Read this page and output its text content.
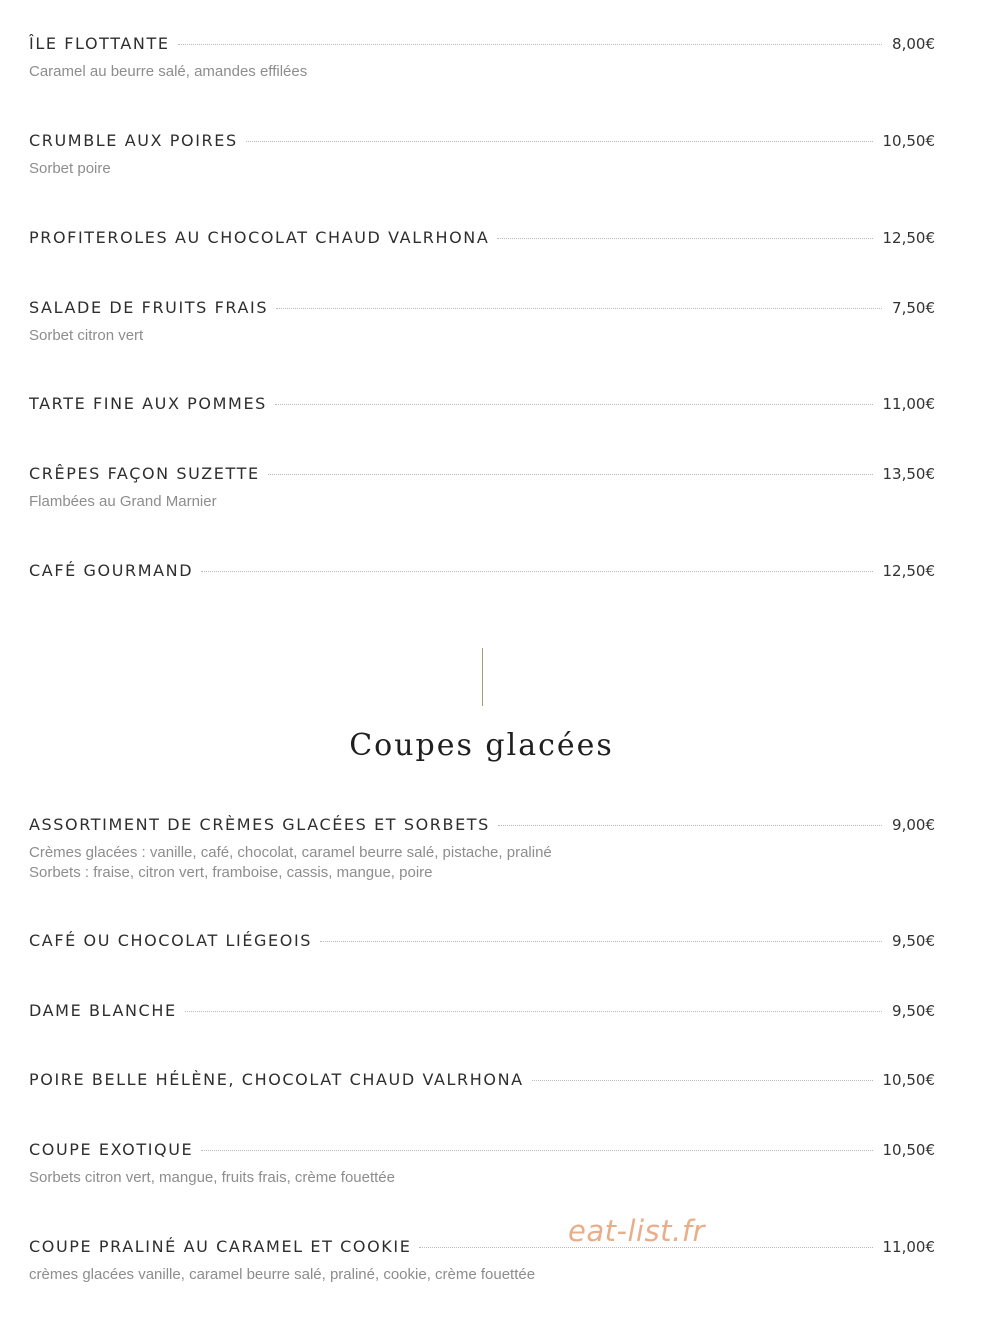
ÎLE FLOTTANTE	8,00€
Caramel au beurre salé, amandes effilées
CRUMBLE AUX POIRES	10,50€
Sorbet poire
PROFITEROLES AU CHOCOLAT CHAUD VALRHONA	12,50€
SALADE DE FRUITS FRAIS	7,50€
Sorbet citron vert
TARTE FINE AUX POMMES	11,00€
CRÊPES FAÇON SUZETTE	13,50€
Flambées au Grand Marnier
CAFÉ GOURMAND	12,50€
Coupes glacées
ASSORTIMENT DE CRÈMES GLACÉES ET SORBETS	9,00€
Crèmes glacées : vanille, café, chocolat, caramel beurre salé, pistache, praliné
Sorbets : fraise, citron vert, framboise, cassis, mangue, poire
CAFÉ OU CHOCOLAT LIÉGEOIS	9,50€
DAME BLANCHE	9,50€
POIRE BELLE HÉLÈNE, CHOCOLAT CHAUD VALRHONA	10,50€
COUPE EXOTIQUE	10,50€
Sorbets citron vert, mangue, fruits frais, crème fouettée
COUPE PRALINÉ AU CARAMEL ET COOKIE	11,00€
crèmes glacées vanille, caramel beurre salé, praliné, cookie, crème fouettée
eat-list.fr
